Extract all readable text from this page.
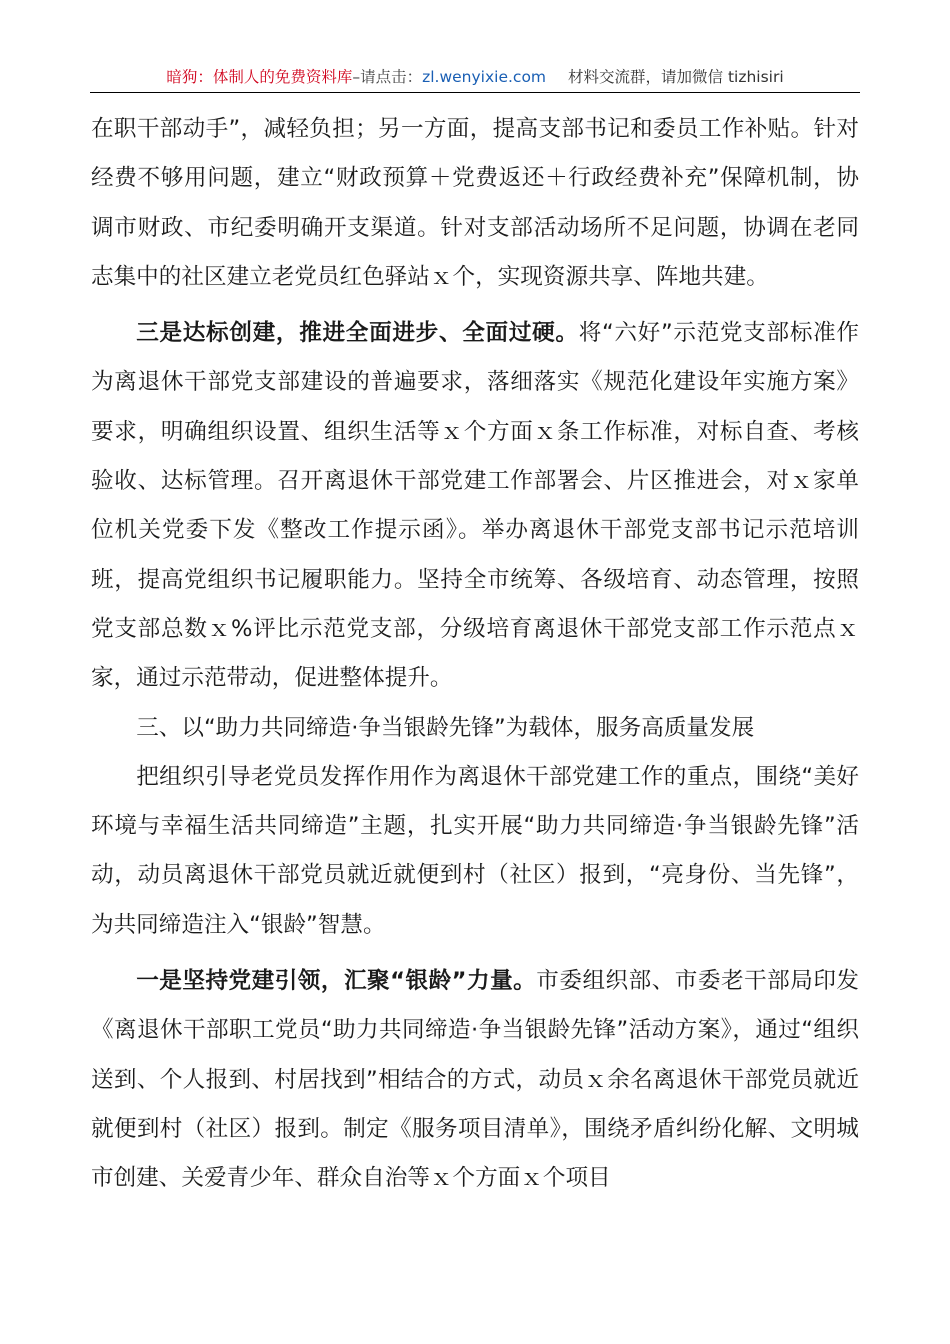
暗狗：体制人的免费资料库–请点击：zl.wenyixie.com 材料交流群，请加微信 tizhisiri

在职干部动手”，减轻负担；另一方面，提高支部书记和委员工作补贴。针对经费不够用问题，建立“财政预算＋党费返还＋行政经费补充”保障机制，协调市财政、市纪委明确开支渠道。针对支部活动场所不足问题，协调在老同志集中的社区建立老党员红色驿站ｘ个，实现资源共享、阵地共建。

三是达标创建，推进全面进步、全面过硬。将“六好”示范党支部标准作为离退休干部党支部建设的普遍要求，落细落实《规范化建设年实施方案》要求，明确组织设置、组织生活等ｘ个方面ｘ条工作标准，对标自查、考核验收、达标管理。召开离退休干部党建工作部署会、片区推进会，对ｘ家单位机关党委下发《整改工作提示函》。举办离退休干部党支部书记示范培训班，提高党组织书记履职能力。坚持全市统筹、各级培育、动态管理，按照党支部总数ｘ%评比示范党支部，分级培育离退休干部党支部工作示范点ｘ家，通过示范带动，促进整体提升。

三、以“助力共同缔造·争当银龄先锋”为载体，服务高质量发展

把组织引导老党员发挥作用作为离退休干部党建工作的重点，围绕“美好环境与幸福生活共同缔造”主题，扎实开展“助力共同缔造·争当银龄先锋”活动，动员离退休干部党员就近就便到村（社区）报到，“亮身份、当先锋”，为共同缔造注入“银龄”智慧。

一是坚持党建引领，汇聚“银龄”力量。市委组织部、市委老干部局印发《离退休干部职工党员“助力共同缔造·争当银龄先锋”活动方案》，通过“组织送到、个人报到、村居找到”相结合的方式，动员ｘ余名离退休干部党员就近就便到村（社区）报到。制定《服务项目清单》，围绕矛盾纠纷化解、文明城市创建、关爱青少年、群众自治等ｘ个方面ｘ个项目
